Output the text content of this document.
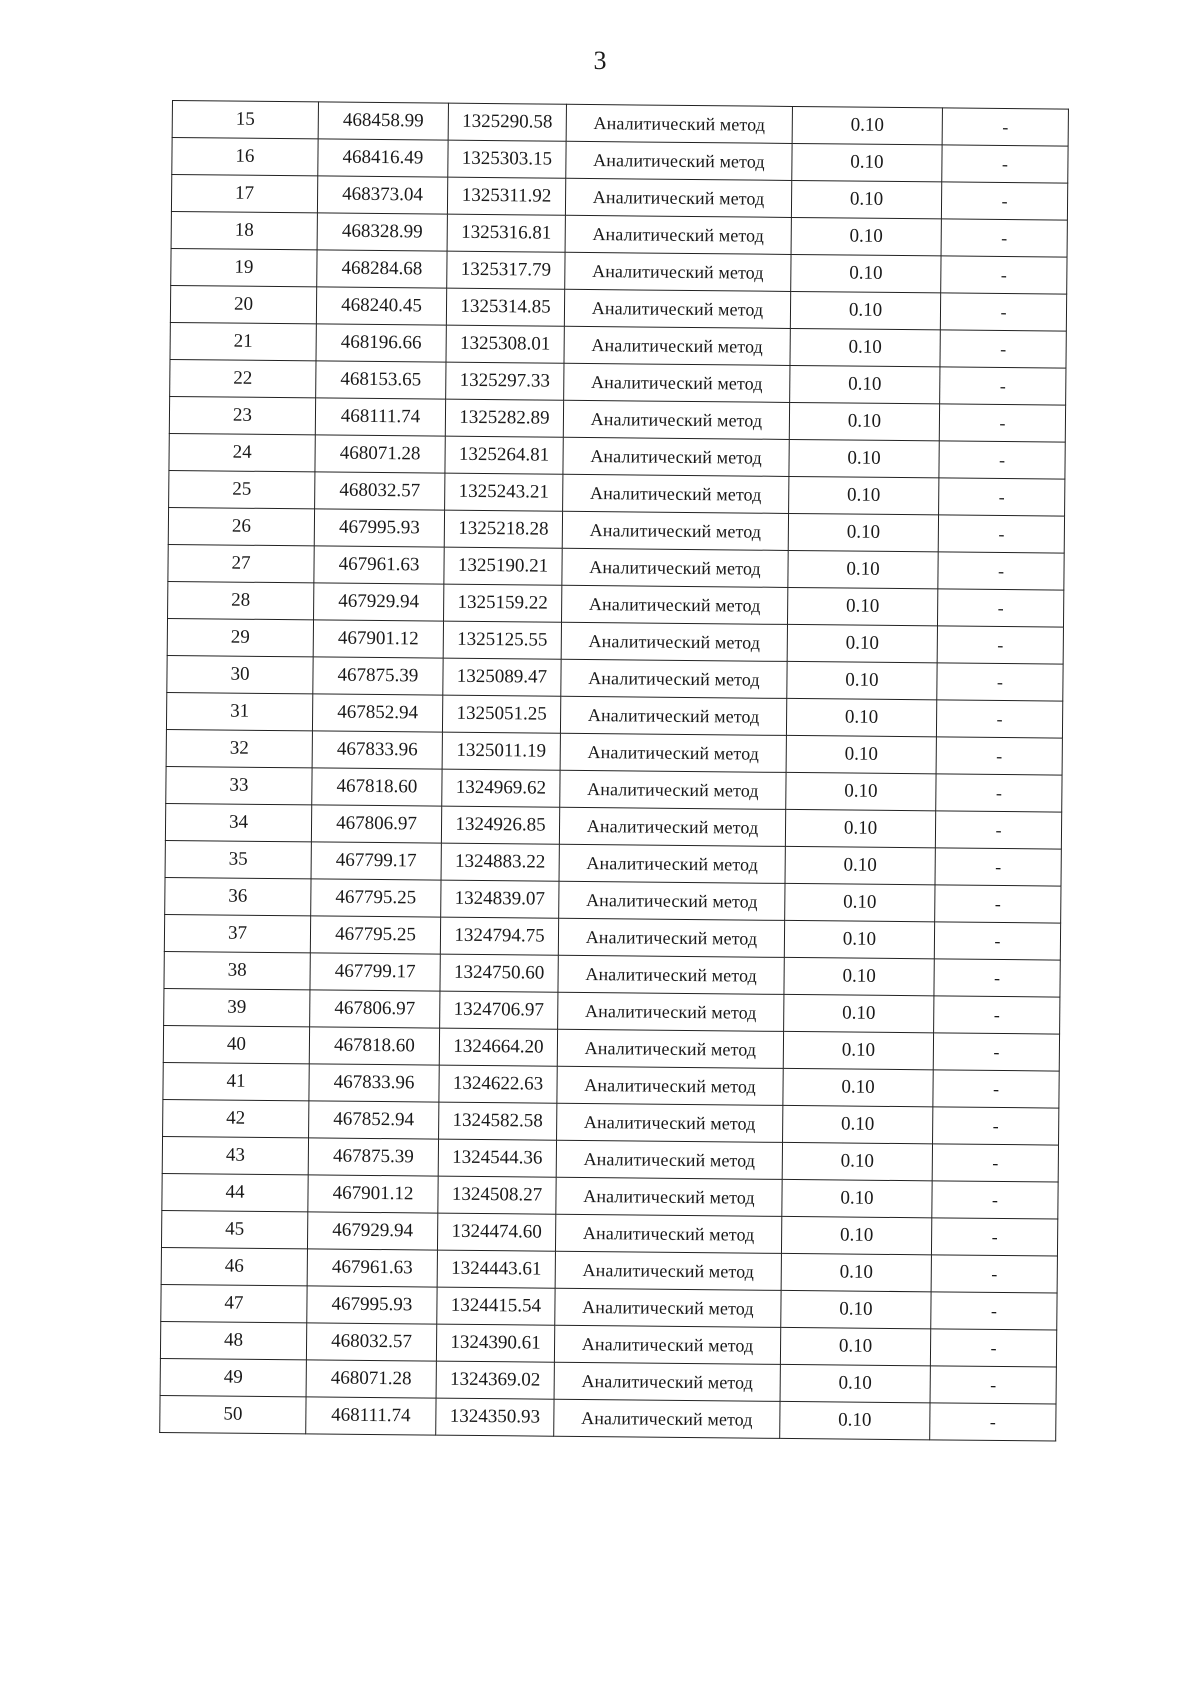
3
15	468458.99	1325290.58	Аналитический метод	0.10	-
16	468416.49	1325303.15	Аналитический метод	0.10	-
17	468373.04	1325311.92	Аналитический метод	0.10	-
18	468328.99	1325316.81	Аналитический метод	0.10	-
19	468284.68	1325317.79	Аналитический метод	0.10	-
20	468240.45	1325314.85	Аналитический метод	0.10	-
21	468196.66	1325308.01	Аналитический метод	0.10	-
22	468153.65	1325297.33	Аналитический метод	0.10	-
23	468111.74	1325282.89	Аналитический метод	0.10	-
24	468071.28	1325264.81	Аналитический метод	0.10	-
25	468032.57	1325243.21	Аналитический метод	0.10	-
26	467995.93	1325218.28	Аналитический метод	0.10	-
27	467961.63	1325190.21	Аналитический метод	0.10	-
28	467929.94	1325159.22	Аналитический метод	0.10	-
29	467901.12	1325125.55	Аналитический метод	0.10	-
30	467875.39	1325089.47	Аналитический метод	0.10	-
31	467852.94	1325051.25	Аналитический метод	0.10	-
32	467833.96	1325011.19	Аналитический метод	0.10	-
33	467818.60	1324969.62	Аналитический метод	0.10	-
34	467806.97	1324926.85	Аналитический метод	0.10	-
35	467799.17	1324883.22	Аналитический метод	0.10	-
36	467795.25	1324839.07	Аналитический метод	0.10	-
37	467795.25	1324794.75	Аналитический метод	0.10	-
38	467799.17	1324750.60	Аналитический метод	0.10	-
39	467806.97	1324706.97	Аналитический метод	0.10	-
40	467818.60	1324664.20	Аналитический метод	0.10	-
41	467833.96	1324622.63	Аналитический метод	0.10	-
42	467852.94	1324582.58	Аналитический метод	0.10	-
43	467875.39	1324544.36	Аналитический метод	0.10	-
44	467901.12	1324508.27	Аналитический метод	0.10	-
45	467929.94	1324474.60	Аналитический метод	0.10	-
46	467961.63	1324443.61	Аналитический метод	0.10	-
47	467995.93	1324415.54	Аналитический метод	0.10	-
48	468032.57	1324390.61	Аналитический метод	0.10	-
49	468071.28	1324369.02	Аналитический метод	0.10	-
50	468111.74	1324350.93	Аналитический метод	0.10	-
